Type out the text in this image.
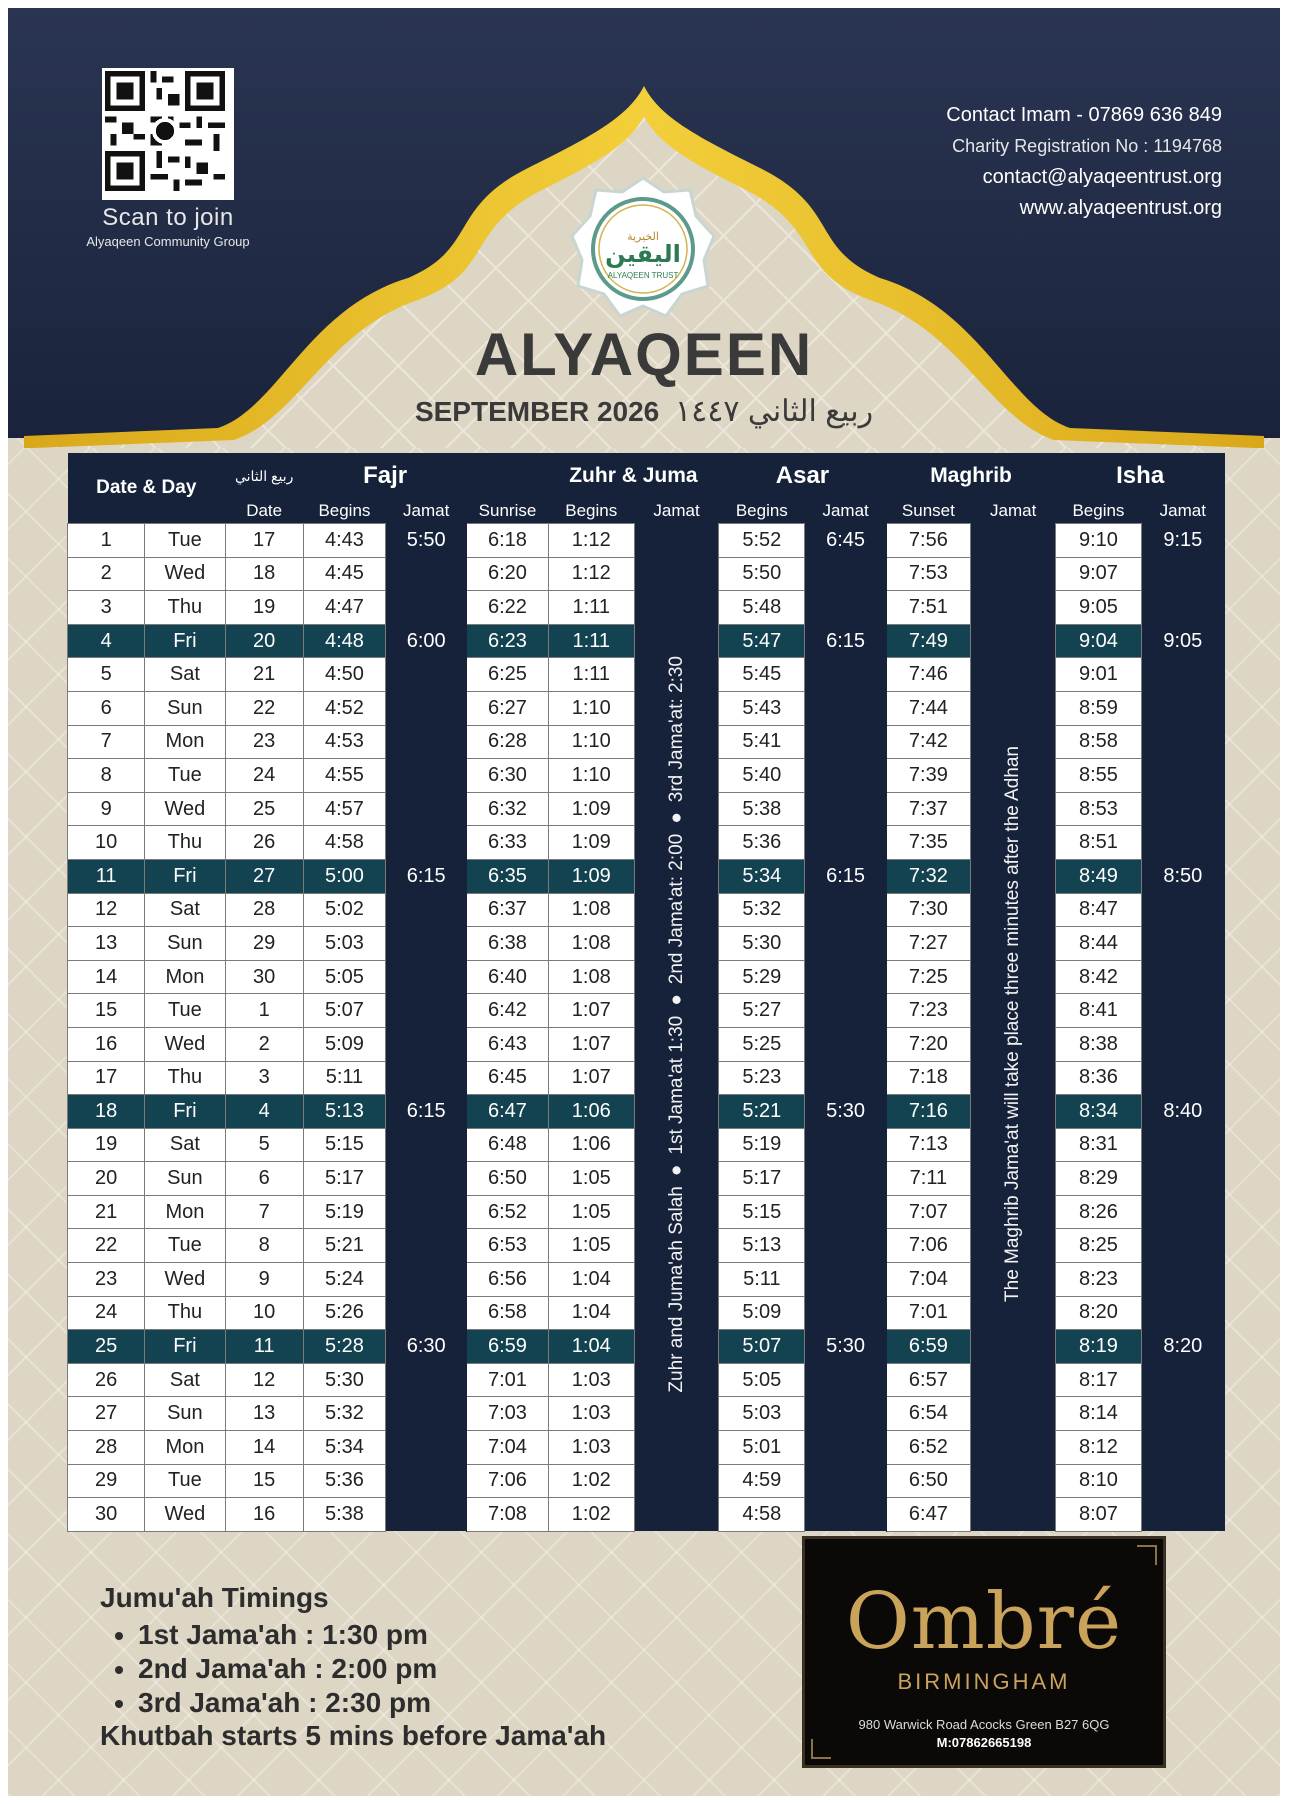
Scan to join
Alyaqeen Community Group
Contact Imam - 07869 636 849
Charity Registration No : 1194768
contact@alyaqeentrust.org
www.alyaqeentrust.org
الخيرية
اليقين
ALYAQEEN TRUST
ALYAQEEN
SEPTEMBER 2026 ربيع الثاني ١٤٤٧
Date & Day		ربيع الثاني	Fajr			Zuhr & Juma		Asar		Maghrib		Isha	
		Date	Begins	Jamat	Sunrise	Begins	Jamat	Begins	Jamat	Sunset	Jamat	Begins	Jamat
1	Tue	17	4:43	5:50	6:18	1:12	Zuhr and Juma'ah Salah ● 1st Jama'at 1:30 ● 2nd Jama'at: 2:00 ● 3rd Jama'at: 2:30	5:52	6:45	7:56	The Maghrib Jama'at will take place three minutes after the Adhan	9:10	9:15
2	Wed	18	4:45		6:20	1:12		5:50		7:53		9:07	
3	Thu	19	4:47		6:22	1:11		5:48		7:51		9:05	
4	Fri	20	4:48	6:00	6:23	1:11		5:47	6:15	7:49		9:04	9:05
5	Sat	21	4:50		6:25	1:11		5:45		7:46		9:01	
6	Sun	22	4:52		6:27	1:10		5:43		7:44		8:59	
7	Mon	23	4:53		6:28	1:10		5:41		7:42		8:58	
8	Tue	24	4:55		6:30	1:10		5:40		7:39		8:55	
9	Wed	25	4:57		6:32	1:09		5:38		7:37		8:53	
10	Thu	26	4:58		6:33	1:09		5:36		7:35		8:51	
11	Fri	27	5:00	6:15	6:35	1:09		5:34	6:15	7:32		8:49	8:50
12	Sat	28	5:02		6:37	1:08		5:32		7:30		8:47	
13	Sun	29	5:03		6:38	1:08		5:30		7:27		8:44	
14	Mon	30	5:05		6:40	1:08		5:29		7:25		8:42	
15	Tue	1	5:07		6:42	1:07		5:27		7:23		8:41	
16	Wed	2	5:09		6:43	1:07		5:25		7:20		8:38	
17	Thu	3	5:11		6:45	1:07		5:23		7:18		8:36	
18	Fri	4	5:13	6:15	6:47	1:06		5:21	5:30	7:16		8:34	8:40
19	Sat	5	5:15		6:48	1:06		5:19		7:13		8:31	
20	Sun	6	5:17		6:50	1:05		5:17		7:11		8:29	
21	Mon	7	5:19		6:52	1:05		5:15		7:07		8:26	
22	Tue	8	5:21		6:53	1:05		5:13		7:06		8:25	
23	Wed	9	5:24		6:56	1:04		5:11		7:04		8:23	
24	Thu	10	5:26		6:58	1:04		5:09		7:01		8:20	
25	Fri	11	5:28	6:30	6:59	1:04		5:07	5:30	6:59		8:19	8:20
26	Sat	12	5:30		7:01	1:03		5:05		6:57		8:17	
27	Sun	13	5:32		7:03	1:03		5:03		6:54		8:14	
28	Mon	14	5:34		7:04	1:03		5:01		6:52		8:12	
29	Tue	15	5:36		7:06	1:02		4:59		6:50		8:10	
30	Wed	16	5:38		7:08	1:02		4:58		6:47		8:07	
Jumu'ah Timings
• 1st Jama'ah : 1:30 pm
• 2nd Jama'ah : 2:00 pm
• 3rd Jama'ah : 2:30 pm
Khutbah starts 5 mins before Jama'ah
Ombré
BIRMINGHAM
980 Warwick Road Acocks Green B27 6QG
M:07862665198
